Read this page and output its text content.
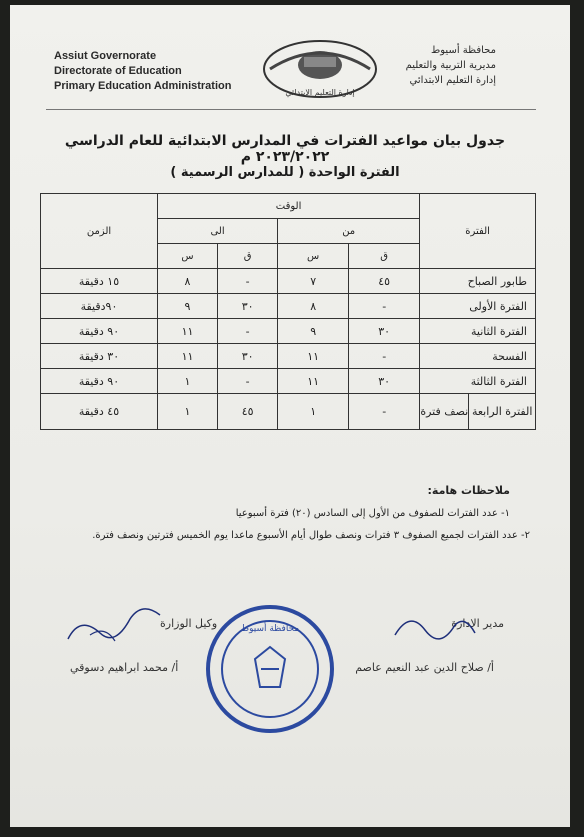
Assiut Governorate
Directorate of Education
Primary Education Administration
إدارة التعليم الابتدائي
محافظة أسيوط
مديرية التربية والتعليم
إدارة التعليم الابتدائي
جدول بيان مواعيد الفترات في المدارس الابتدائية للعام الدراسي ٢٠٢٣/٢٠٢٢ م
الفترة الواحدة ( للمدارس الرسمية )
الفترة		الوقت				الزمن
		من		الى		
		ق	س	ق	س	
طابور الصباح		٤٥	٧	-	٨	١٥ دقيقة
الفترة الأولى		-	٨	٣٠	٩	٩٠دقيقة
الفترة الثانية		٣٠	٩	-	١١	٩٠ دقيقة
الفسحة		-	١١	٣٠	١١	٣٠ دقيقة
الفترة الثالثة		٣٠	١١	-	١	٩٠ دقيقة
الفترة الرابعة	نصف فترة	-	١	٤٥	١	٤٥ دقيقة
ملاحظات هامة:
١- عدد الفترات للصفوف من الأول إلى السادس (٢٠) فترة أسبوعيا
٢- عدد الفترات لجميع الصفوف ٣ فترات ونصف طوال أيام الأسبوع ماعدا يوم الخميس فترتين ونصف فترة.
مدير الادارة
أ/ صلاح الدين عبد النعيم عاصم
محافظة أسيوط
وكيل الوزارة
أ/ محمد ابراهيم دسوقي
